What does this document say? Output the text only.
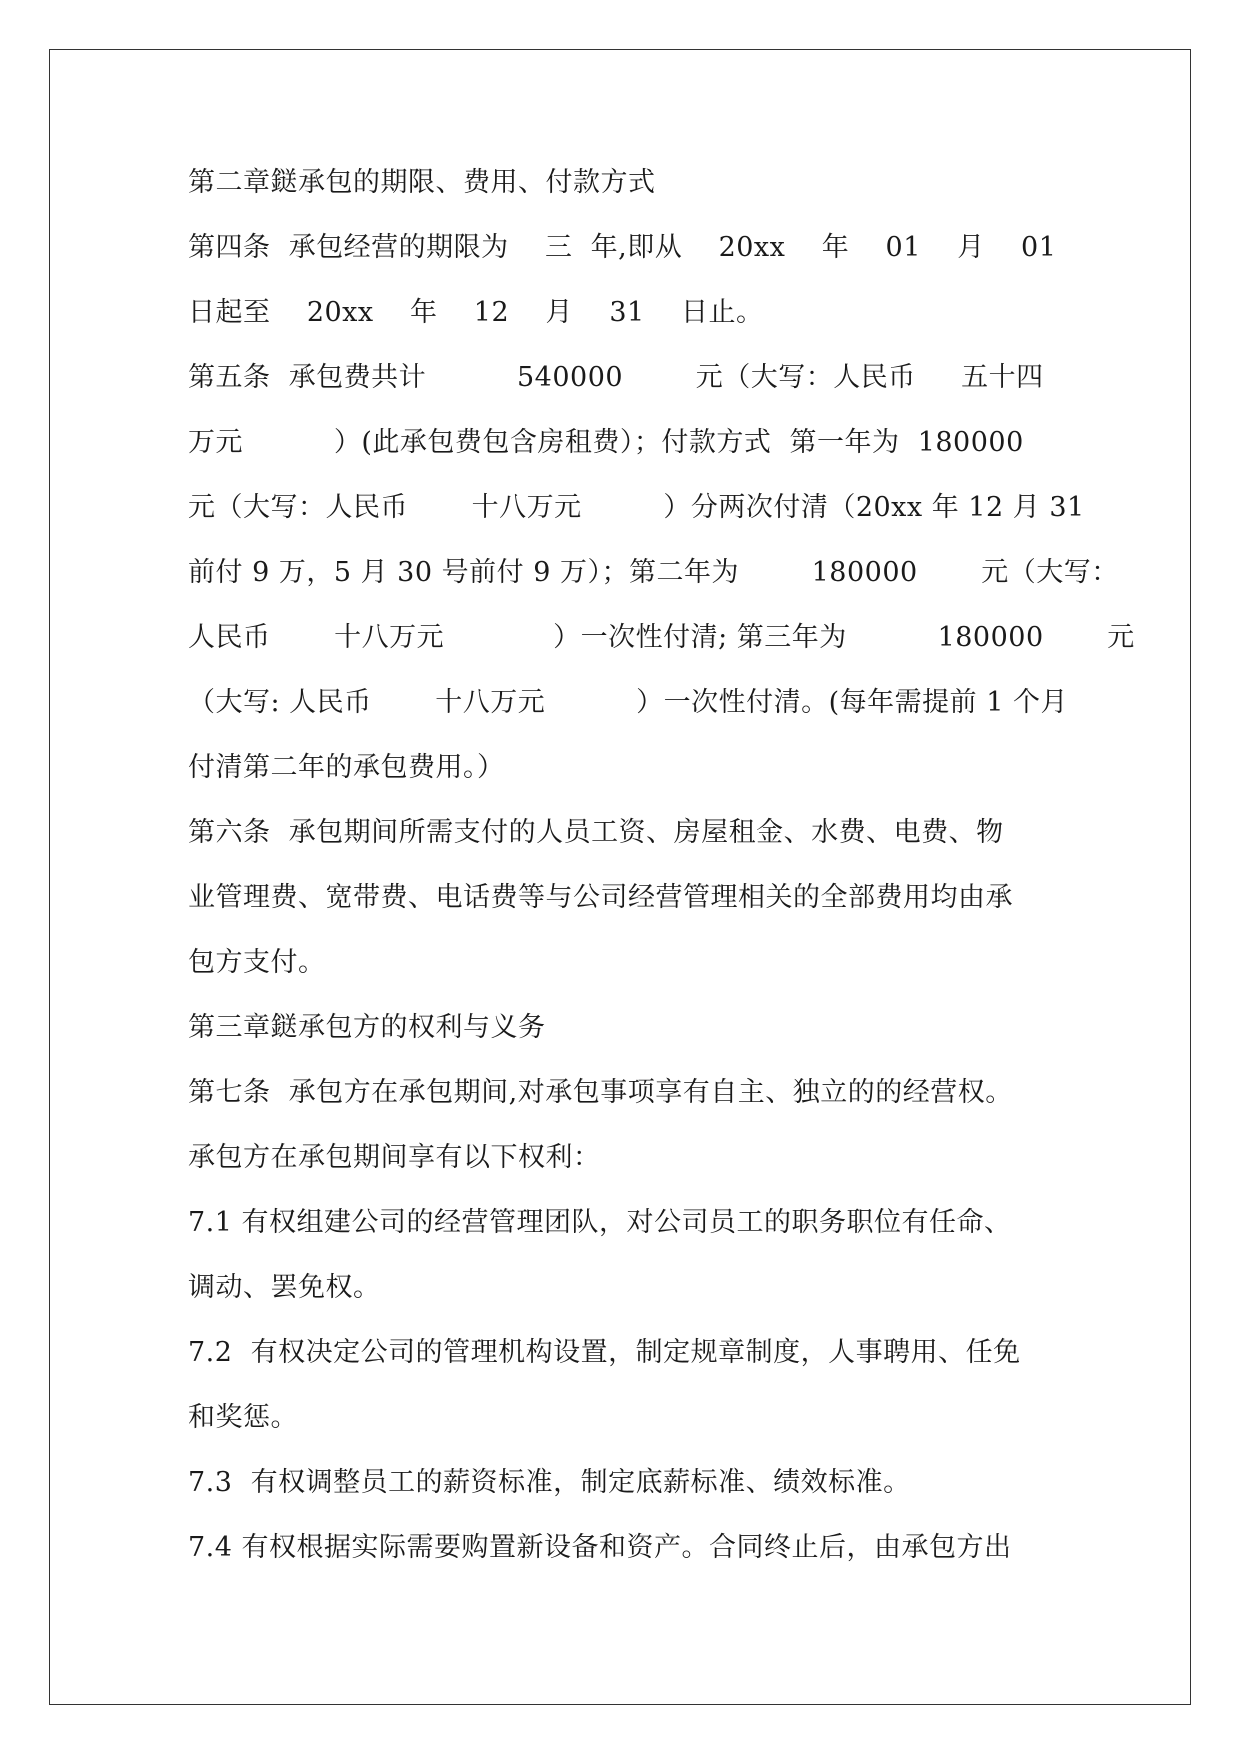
第二章鎹承包的期限、费用、付款方式
第四条  承包经营的期限为    三  年,即从    20xx    年    01    月    01
日起至    20xx    年    12    月    31    日止。
第五条  承包费共计          540000        元（大写：人民币     五十四
万元          ）(此承包费包含房租费）；付款方式  第一年为  180000
元（大写：人民币       十八万元         ）分两次付清（20xx 年 12 月 31
前付 9 万，5 月 30 号前付 9 万）；第二年为        180000       元（大写：
人民币       十八万元            ）一次性付清; 第三年为          180000       元
（大写: 人民币       十八万元          ）一次性付清。(每年需提前 1 个月
付清第二年的承包费用。）
第六条  承包期间所需支付的人员工资、房屋租金、水费、电费、物
业管理费、宽带费、电话费等与公司经营管理相关的全部费用均由承
包方支付。
第三章鎹承包方的权利与义务
第七条  承包方在承包期间,对承包事项享有自主、独立的的经营权。
承包方在承包期间享有以下权利：
7.1 有权组建公司的经营管理团队，对公司员工的职务职位有任命、
调动、罢免权。
7.2  有权决定公司的管理机构设置，制定规章制度，人事聘用、任免
和奖惩。
7.3  有权调整员工的薪资标准，制定底薪标准、绩效标准。
7.4 有权根据实际需要购置新设备和资产。合同终止后，由承包方出
